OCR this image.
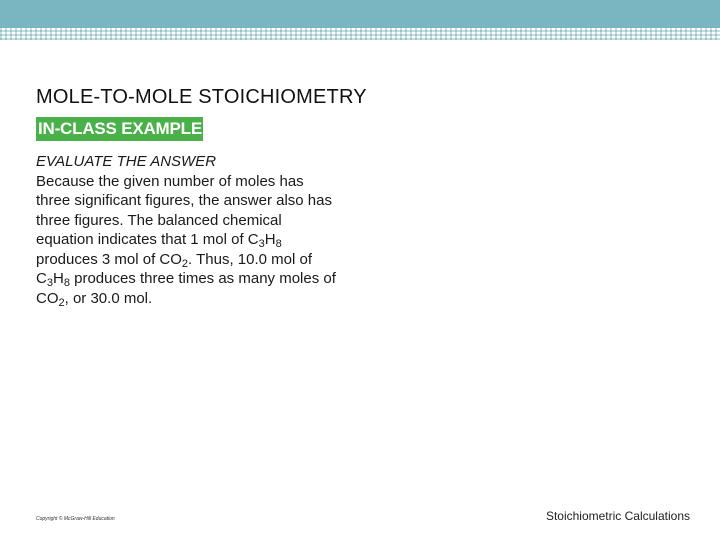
MOLE-TO-MOLE STOICHIOMETRY
IN-CLASS EXAMPLE
EVALUATE THE ANSWER
Because the given number of moles has three significant figures, the answer also has three figures. The balanced chemical equation indicates that 1 mol of $C_3H_8$ produces 3 mol of $CO_2$. Thus, 10.0 mol of $C_3H_8$ produces three times as many moles of $CO_2$, or 30.0 mol.
Copyright © McGraw-Hill Education	Stoichiometric Calculations
